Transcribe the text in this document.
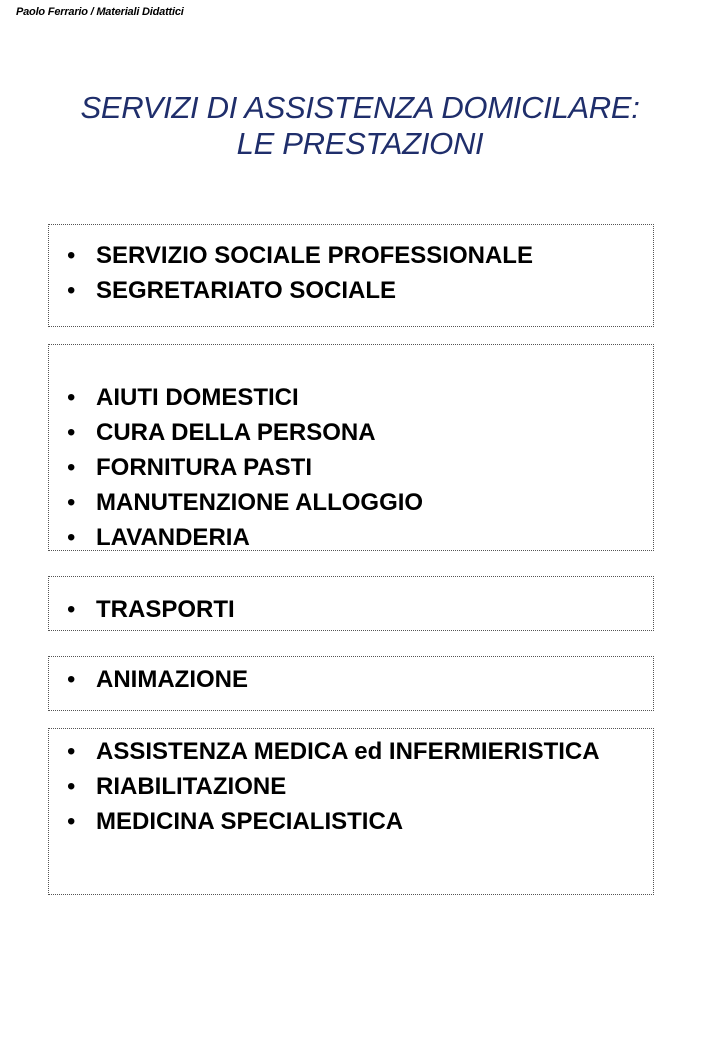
Paolo Ferrario / Materiali Didattici
SERVIZI DI ASSISTENZA DOMICILARE:
LE PRESTAZIONI
• SERVIZIO SOCIALE PROFESSIONALE
• SEGRETARIATO SOCIALE
• AIUTI DOMESTICI
• CURA DELLA PERSONA
• FORNITURA PASTI
• MANUTENZIONE ALLOGGIO
• LAVANDERIA
• TRASPORTI
• ANIMAZIONE
• ASSISTENZA MEDICA ed INFERMIERISTICA
• RIABILITAZIONE
• MEDICINA SPECIALISTICA
